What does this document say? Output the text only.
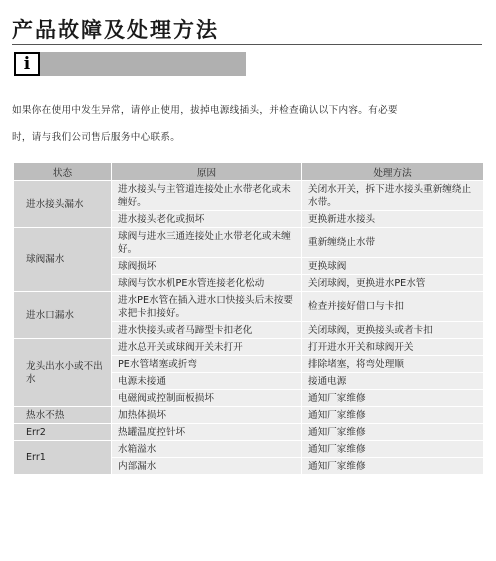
产品故障及处理方法
i

如果你在使用中发生异常，请停止使用，拔掉电源线插头，并检查确认以下内容。有必要

时，请与我们公司售后服务中心联系。

状态	原因	处理方法
进水接头漏水	进水接头与主管道连接处止水带老化或未缠好。	关闭水开关，拆下进水接头重新缠绕止水带。
	进水接头老化或损坏	更换新进水接头
球阀漏水	球阀与进水三通连接处止水带老化或未缠好。	重新缠绕止水带
	球阀损坏	更换球阀
	球阀与饮水机PE水管连接老化松动	关闭球阀，更换进水PE水管
进水口漏水	进水PE水管在插入进水口快接头后未按要求把卡扣接好。	检查并接好借口与卡扣
	进水快接头或者马蹄型卡扣老化	关闭球阀，更换接头或者卡扣
龙头出水小或不出水	进水总开关或球阀开关未打开	打开进水开关和球阀开关
	PE水管堵塞或折弯	排除堵塞，将弯处理顺
	电源未接通	接通电源
	电磁阀或控制面板损坏	通知厂家维修
热水不热	加热体损坏	通知厂家维修
Err2	热罐温度控针坏	通知厂家维修
Err1	水箱溢水	通知厂家维修
	内部漏水	通知厂家维修
